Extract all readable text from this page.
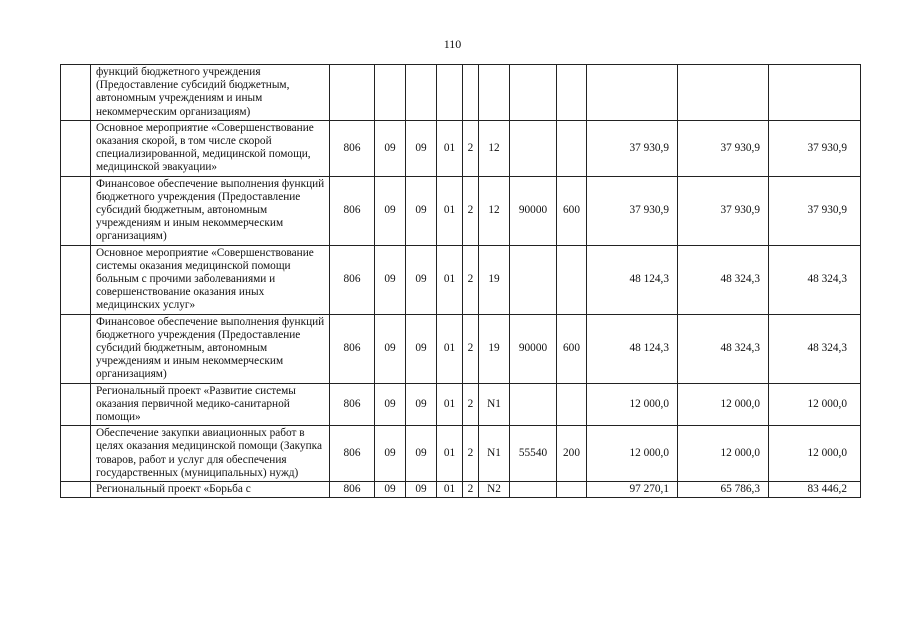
110
	функций бюджетного учреждения (Предоставление субсидий бюджетным, автономным учреждениям и иным некоммерческим организациям)											
	Основное мероприятие «Совершенствование оказания скорой, в том числе скорой специализированной, медицинской помощи, медицинской эвакуации»	806	09	09	01	2	12			37 930,9	37 930,9	37 930,9
	Финансовое обеспечение выполнения функций бюджетного учреждения (Предоставление субсидий бюджетным, автономным учреждениям и иным некоммерческим организациям)	806	09	09	01	2	12	90000	600	37 930,9	37 930,9	37 930,9
	Основное мероприятие «Совершенствование системы оказания медицинской помощи больным с прочими заболеваниями и совершенствование оказания иных медицинских услуг»	806	09	09	01	2	19			48 124,3	48 324,3	48 324,3
	Финансовое обеспечение выполнения функций бюджетного учреждения (Предоставление субсидий бюджетным, автономным учреждениям и иным некоммерческим организациям)	806	09	09	01	2	19	90000	600	48 124,3	48 324,3	48 324,3
	Региональный проект «Развитие системы оказания первичной медико-санитарной помощи»	806	09	09	01	2	N1			12 000,0	12 000,0	12 000,0
	Обеспечение закупки авиационных работ в целях оказания медицинской помощи (Закупка товаров, работ и услуг для обеспечения государственных (муниципальных) нужд)	806	09	09	01	2	N1	55540	200	12 000,0	12 000,0	12 000,0
	Региональный проект «Борьба с	806	09	09	01	2	N2			97 270,1	65 786,3	83 446,2
